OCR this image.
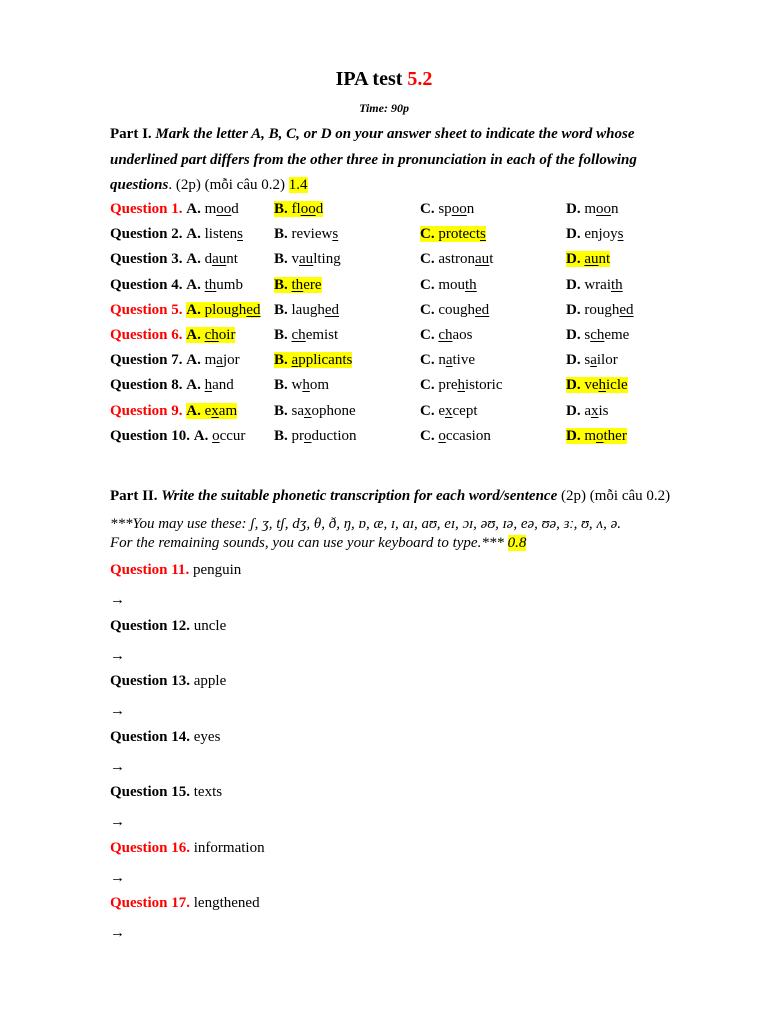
IPA test 5.2
Time: 90p
Part I. Mark the letter A, B, C, or D on your answer sheet to indicate the word whose underlined part differs from the other three in pronunciation in each of the following questions. (2p) (mỗi câu 0.2) 1.4
Question 1. A. mood B. flood	C. spoon	D. moon
Question 2. A. listens B. reviews	C. protects	D. enjoys
Question 3. A. daunt B. vaulting	C. astronaut	D. aunt
Question 4. A. thumb B. there	C. mouth	D. wraith
Question 5. A. ploughed B. laughed	C. coughed	D. roughed
Question 6. A. choir	B. chemist	C. chaos	D. scheme
Question 7. A. major B. applicants	C. native	D. sailor
Question 8. A. hand	B. whom	C. prehistoric	D. vehicle
Question 9. A. exam B. saxophone	C. except	D. axis
Question 10. A. occur B. production	C. occasion	D. mother
Part II. Write the suitable phonetic transcription for each word/sentence (2p) (mỗi câu 0.2)
***You may use these: ʃ, ʒ, tʃ, dʒ, θ, ð, ŋ, ɒ, æ, ɪ, aɪ, aʊ, eɪ, ɔɪ, əʊ, ɪə, eə, ʊə, ɜː, ʊ, ʌ, ə.
For the remaining sounds, you can use your keyboard to type.*** 0.8
Question 11. penguin
→
Question 12. uncle
→
Question 13. apple
→
Question 14. eyes
→
Question 15. texts
→
Question 16. information
→
Question 17. lengthened
→
